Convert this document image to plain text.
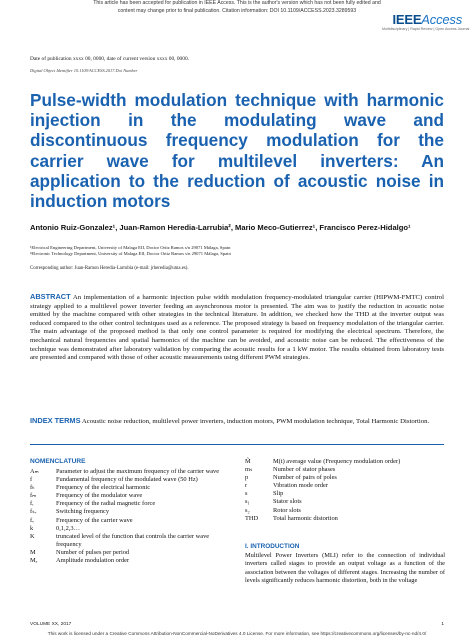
This article has been accepted for publication in IEEE Access. This is the author's version which has not been fully edited and
content may change prior to final publication. Citation information: DOI 10.1109/ACCESS.2023.3289593
IEEEAccess
Multidisciplinary | Rapid Review | Open Access Journal
Date of publication xxxx 00, 0000, date of current version xxxx 00, 0000.
Digital Object Identifier 10.1109/ACCESS.2017.Doi Number
Pulse-width modulation technique with harmonic injection in the modulating wave and discontinuous frequency modulation for the carrier wave for multilevel inverters: An application to the reduction of acoustic noise in induction motors
Antonio Ruiz-Gonzalez¹, Juan-Ramon Heredia-Larrubia², Mario Meco-Gutierrez¹, Francisco Perez-Hidalgo¹
¹Electrical Engineering Department, University of Malaga EII, Doctor Ortiz Ramos s/n 29071 Málaga, Spain
²Electronic Technology Department, University of Malaga EII, Doctor Ortiz Ramos s/n 29071 Málaga, Spain
Corresponding author: Juan-Ramon Heredia-Larrubia (e-mail: jrheredia@uma.es).
ABSTRACT An implementation of a harmonic injection pulse width modulation frequency-modulated triangular carrier (HIPWM-FMTC) control strategy applied to a multilevel power inverter feeding an asynchronous motor is presented. The aim was to justify the reduction in acoustic noise emitted by the machine compared with other strategies in the technical literature. In addition, we checked how the THD at the inverter output was reduced compared to the other control techniques used as a reference. The proposed strategy is based on frequency modulation of the triangular carrier. The main advantage of the proposed method is that only one control parameter is required for modifying the electrical spectrum. Therefore, the mechanical natural frequencies and spatial harmonics of the machine can be avoided, and acoustic noise can be reduced. The effectiveness of the technique was demonstrated after laboratory validation by comparing the acoustic results for a 1 kW motor. The results obtained from laboratory tests are presented and compared with those of other acoustic measurements using different PWM strategies.
INDEX TERMS Acoustic noise reduction, multilevel power inverters, induction motors, PWM modulation technique, Total Harmonic Distortion.
NOMENCLATURE
Aₘ	Parameter to adjust the maximum frequency of the carrier wave
f	Fundamental frequency of the modulated wave (50 Hz)
fₖ	Frequency of the electrical harmonic
fₘ	Frequency of the modulator wave
fᵣ	Frequency of the radial magnetic force
fₛᵥ	Switching frequency
fᵥ	Frequency of the carrier wave
k	0,1,2,3…
K	truncated level of the function that controls the carrier wave frequency
M	Number of pulses per period
Mₐ	Amplitude modulation order
M̃	M(t) average value (Frequency modulation order)
mₛ	Number of stator phases
p	Number of pairs of poles
r	Vibration mode order
s	Slip
s₁	Stator slots
s₂	Rotor slots
THD	Total harmonic distortion
I. INTRODUCTION
Multilevel Power Inverters (MLI) refer to the connection of individual inverters called stages to provide an output voltage as a function of the association between the voltages of different stages. Increasing the number of levels significantly reduces harmonic distortion, both in the voltage
VOLUME XX, 2017	1
This work is licensed under a Creative Commons Attribution-NonCommercial-NoDerivatives 4.0 License. For more information, see https://creativecommons.org/licenses/by-nc-nd/4.0/
